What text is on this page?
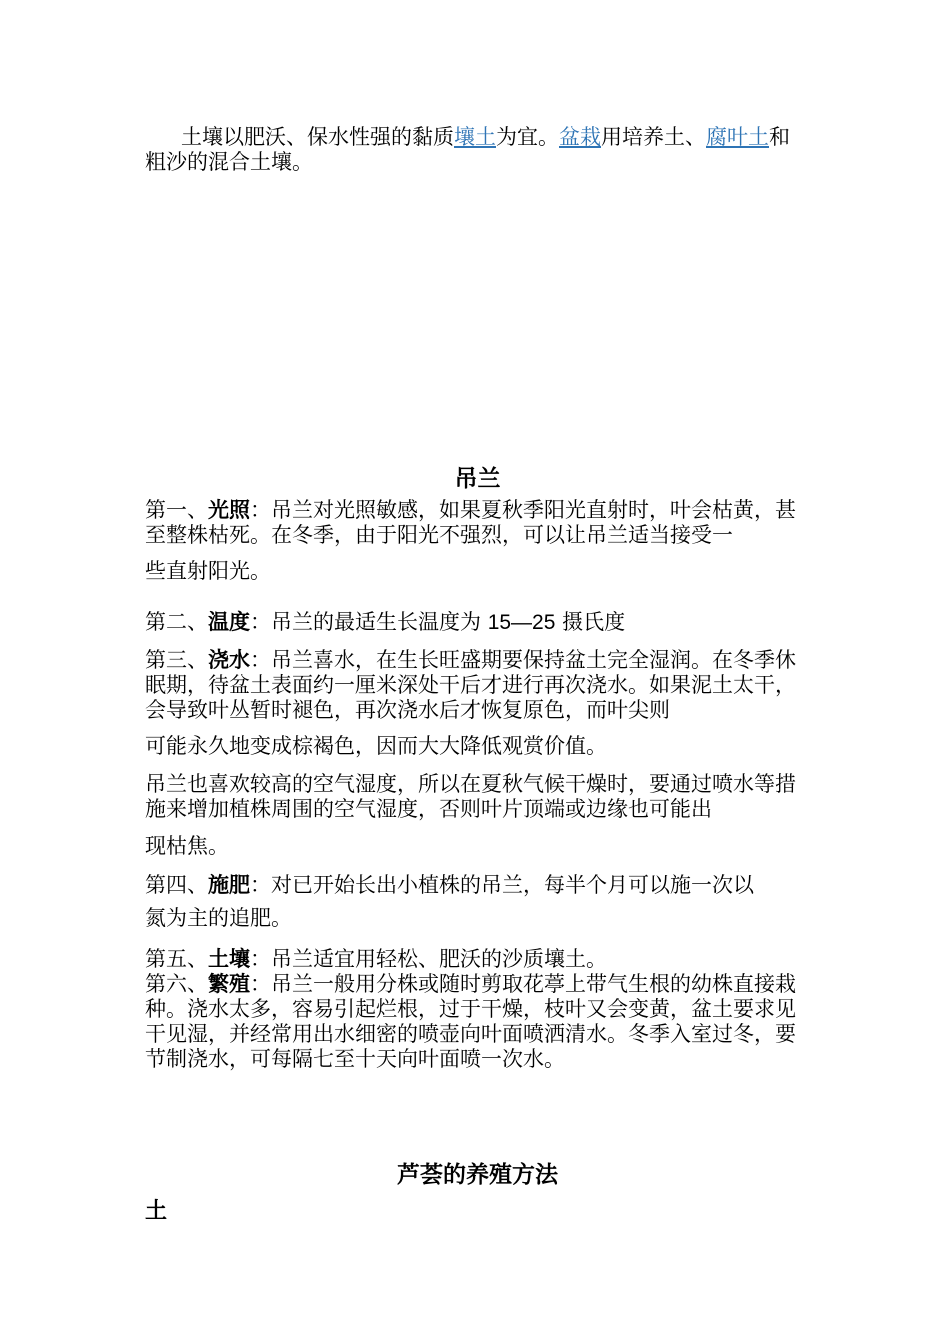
土壤以肥沃、保水性强的黏质壤土为宜。盆栽用培养土、腐叶土和粗沙的混合土壤。

吊兰

第一、光照：吊兰对光照敏感，如果夏秋季阳光直射时，叶会枯黄，甚至整株枯死。在冬季，由于阳光不强烈，可以让吊兰适当接受一

些直射阳光。

第二、温度：吊兰的最适生长温度为 15—25 摄氏度

第三、浇水：吊兰喜水，在生长旺盛期要保持盆土完全湿润。在冬季休眠期，待盆土表面约一厘米深处干后才进行再次浇水。如果泥土太干，会导致叶丛暂时褪色，再次浇水后才恢复原色，而叶尖则

可能永久地变成棕褐色，因而大大降低观赏价值。

吊兰也喜欢较高的空气湿度，所以在夏秋气候干燥时，要通过喷水等措施来增加植株周围的空气湿度，否则叶片顶端或边缘也可能出

现枯焦。

第四、施肥：对已开始长出小植株的吊兰，每半个月可以施一次以

氮为主的追肥。

第五、土壤：吊兰适宜用轻松、肥沃的沙质壤土。

第六、繁殖：吊兰一般用分株或随时剪取花葶上带气生根的幼株直接栽种。浇水太多，容易引起烂根，过于干燥，枝叶又会变黄，盆土要求见干见湿，并经常用出水细密的喷壶向叶面喷洒清水。冬季入室过冬，要节制浇水，可每隔七至十天向叶面喷一次水。

芦荟的养殖方法

土
